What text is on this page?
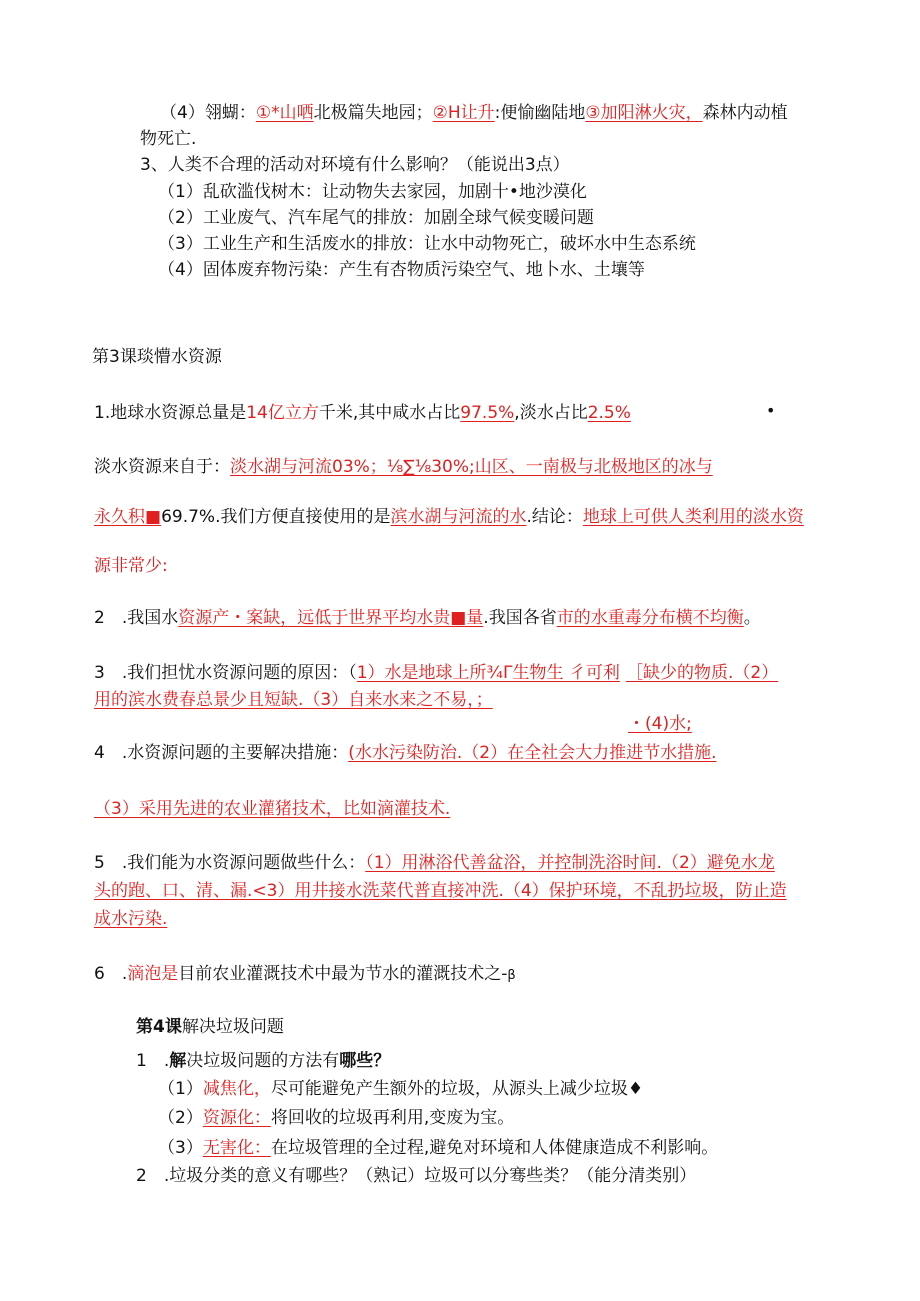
（4）翎蝴：①*山哂北极篇失地园；②H让升:便愉幽陆地③加阳淋火灾，森林内动植
物死亡.
3、人类不合理的活动对环境有什么影响？（能说出3点）
（1）乱砍滥伐树木：让动物失去家园，加剧十•地沙漠化
（2）工业废气、汽车尾气的排放：加剧全球气候变暖问题
（3）工业生产和生活废水的排放：让水中动物死亡，破坏水中生态系统
（4）固体废弃物污染：产生有杏物质污染空气、地卜水、土壤等
第3课琰懵水资源
1.地球水资源总量是14亿立方千米,其中咸水占比97.5%,淡水占比2.5%	•
淡水资源来自于：淡水湖与河流03%；⅛∑⅛30%;山区、一南极与北极地区的冰与
永久积■69.7%.我们方便直接使用的是滨水湖与河流的水.结论：地球上可供人类利用的淡水资
源非常少:
2　.我国水资源产・案缺，远低于世界平均水贵■量.我国各省市的水重毒分布横不均衡。
3　.我们担忧水资源问题的原因：（1）水是地球上所¾Γ生物生 彳可利 ［缺少的物质.（2）
用的滨水费春总景少且短缺.（3）自来水来之不易，；
・(4)水;
4　.水资源问题的主要解决措施：(水水污染防治.（2）在全社会大力推进节水措施.
（3）采用先进的农业灌猪技术，比如滴灌技术.
5　.我们能为水资源问题做些什么：（1）用淋浴代善盆浴，并控制洗浴时间.（2）避免水龙
头的跑、口、清、漏.<3）用井接水洗菜代普直接冲洗.（4）保护环境，不乱扔垃圾，防止造
成水污染.
6　.滴泡是目前农业灌溉技术中最为节水的灌溉技术之-β
第4课解决垃圾问题
1　.解决垃圾问题的方法有哪些？
（1）减焦化，尽可能避免产生额外的垃圾，从源头上减少垃圾♦
（2）资源化：将回收的垃圾再利用,变废为宝。
（3）无害化：在垃圾管理的全过程,避免对环境和人体健康造成不利影响。
2　.垃圾分类的意义有哪些？（熟记）垃圾可以分骞些类？（能分清类别）
